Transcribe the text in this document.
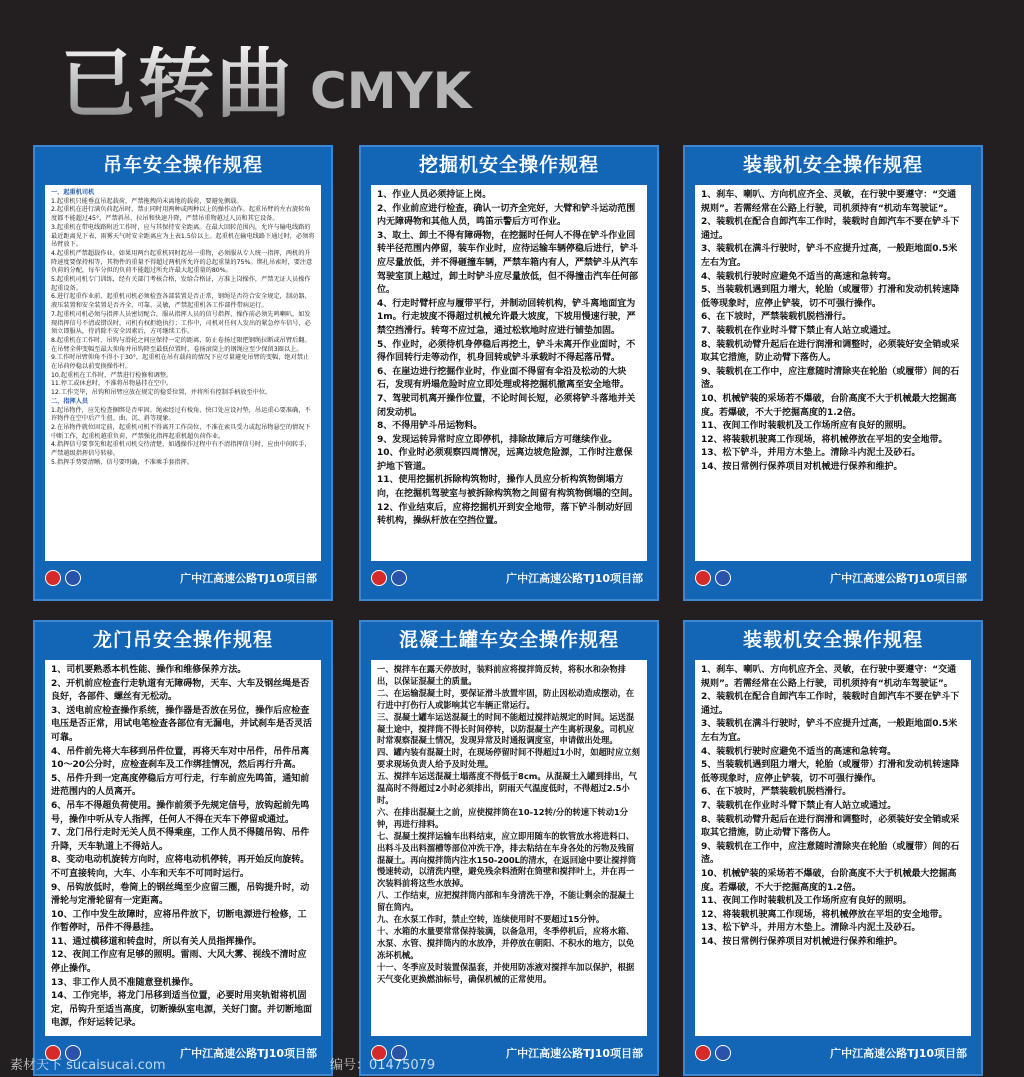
已转曲 CMYK
吊车安全操作规程

一、起重机司机

1.起重机只能垂直吊起载荷，严禁拖拽尚未离地的载荷，要避免侧载。

2.起重机在进行满负荷起吊时，禁止同时用两种或两种以上的操作动作。起重吊臂的左右旋转角度都不能超过45°，严禁斜吊、拉吊和快速升降，严禁吊重物越过人员和其它设备。

3.起重机在带电线路附近工作时，应与其保持安全距离。在最大回转范围内，允许与输电线路的最近距离见下表，雨雾天气时安全距离应为上表1.5倍以上。起重机在输电线路下通过时，必须将吊臂放下。

4.起重机严禁超载作业。如果用两台起重机同时起吊一重物，必须服从专人统一指挥，两机的升降速度要保持相等，其物件的重量不得超过两机所允许的总起重量的75%。绑扎吊索时，要注意负荷的分配，每车分担的负荷不能超过所允许最大起重量的80%。

5.起重机司机专门训练，经有关部门考核合格，发给合格证，方准上岗操作，严禁无证人员操作起重设备。

6.进行起重作业前，起重机司机必须检查各部装置是否正常，钢绳是否符合安全规定，制动器、液压装置和安全装置是否齐全、可靠、灵敏，严禁起重机各工作部件带病运行。

7.起重机司机必须与指挥人员密切配合，服从指挥人员的信号指挥，操作前必须先鸣喇叭，如发现指挥信号不清或错误时，司机有权拒绝执行；工作中，司机对任何人发出的紧急停车信号，必须立即服从，待消除不安全因素后，方可继续工作。

8.起重机在工作时，吊钩与滑轮之间应保持一定的距离，防止卷扬过限把钢绳拉断或吊臂后翻。在吊臂全伸变幅至最大仰角并吊钩降至最低位置时，卷扬滚筒上的钢绳应至少保留3圈以上。

9.工作时吊臂仰角不得小于30°，起重机在吊有载荷的情况下应尽量避免吊臂的变幅，绝对禁止在吊荷停稳以前变换操作杆。

10.起重机在工作时，严禁进行检修和调整。

11.停工或休息时，不准将吊物悬挂在空中。

12.工作完毕，吊钩和吊臂应放在规定的稳妥位置，并将所有控制手柄放至中位。

二、指挥人员

1.起吊物件，应先检查捆绑是否牢固。绳索经过有棱角、快口处应设衬垫，吊运重心要准确，不许物件在空中后产生扭、曲、沉、斜等现象。

2.在吊物件就位固定前，起重机司机不得离开工作岗位，不准在索具受力或起吊物悬空的情况下中断工作，起重机越重负荷，严禁强化指挥起重机超负荷作业。

4.指挥信号要事先和起重机司机交待清楚，如遇操作过程中有不清指挥信号时，应由中间转手，严禁越级指挥信号转移。

5.指挥手势要清晰，信号要明确，不准乘手套指挥。

广中江高速公路TJ10项目部
挖掘机安全操作规程

1、作业人员必须持证上岗。

2、作业前应进行检查，确认一切齐全完好，大臂和铲斗运动范围内无障碍物和其他人员，鸣笛示警后方可作业。

3、取土、卸土不得有障碍物，在挖掘时任何人不得在铲斗作业回转半径范围内停留，装车作业时，应待运输车辆停稳后进行，铲斗应尽量放低，并不得砸撞车辆，严禁车箱内有人，严禁铲斗从汽车驾驶室顶上越过，卸土时铲斗应尽量放低，但不得撞击汽车任何部位。

4、行走时臂杆应与履带平行，并制动回转机构，铲斗离地面宜为1m。行走坡度不得超过机械允许最大坡度，下坡用慢速行驶，严禁空挡滑行。转弯不应过急，通过松软地时应进行铺垫加固。

5、作业时，必须待机身停稳后再挖土，铲斗未离开作业面时，不得作回转行走等动作，机身回转或铲斗承载时不得起落吊臂。

6、在崖边进行挖掘作业时，作业面不得留有伞沿及松动的大块石，发现有坍塌危险时应立即处理或将挖掘机撤离至安全地带。

7、驾驶司机离开操作位置，不论时间长短，必须将铲斗落地并关闭发动机。

8、不得用铲斗吊运物料。

9、发现运转异常时应立即停机，排除故障后方可继续作业。

10、作业时必须观察四周情况，远离边坡危险源，工作时注意保护地下管道。

11、使用挖掘机拆除构筑物时，操作人员应分析构筑物倒塌方向，在挖掘机驾驶室与被拆除构筑物之间留有构筑物倒塌的空间。

12、作业结束后，应将挖掘机开到安全地带，落下铲斗制动好回转机构，操纵杆放在空挡位置。

广中江高速公路TJ10项目部
装载机安全操作规程

1、刹车、喇叭、方向机应齐全、灵敏，在行驶中要遵守：“交通规则”。若需经常在公路上行驶，司机须持有“机动车驾驶证”。

2、装载机在配合自卸汽车工作时，装载时自卸汽车不要在铲斗下通过。

3、装载机在满斗行驶时，铲斗不应提升过高，一般距地面0.5米左右为宜。

4、装载机行驶时应避免不适当的高速和急转弯。

5、当装载机遇到阻力增大，轮胎（或履带）打滑和发动机转速降低等现象时，应停止铲装，切不可强行操作。

6、在下坡时，严禁装载机脱档滑行。

7、装载机在作业时斗臂下禁止有人站立或通过。

8、装载机动臂升起后在进行润滑和调整时，必须装好安全销或采取其它措施，防止动臂下落伤人。

9、装载机在工作中，应注意随时清除夹在轮胎（或履带）间的石渣。

10、机械铲装的采场若不爆破，台阶高度不大于机械最大挖掘高度。若爆破，不大于挖掘高度的1.2倍。

11、夜间工作时装载机及工作场所应有良好的照明。

12、将装载机驶离工作现场，将机械停放在平坦的安全地带。

13、松下铲斗，并用方木垫上。清除斗内泥土及砂石。

14、按日常例行保养项目对机械进行保养和维护。

广中江高速公路TJ10项目部
龙门吊安全操作规程

1、司机要熟悉本机性能、操作和维修保养方法。

2、开机前应检查行走轨道有无障碍物，天车、大车及钢丝绳是否良好，各部件、螺丝有无松动。

3、送电前应检查操作系统，操作器是否放在另位，操作后应检查电压是否正常，用试电笔检查各部位有无漏电，并试刹车是否灵活可靠。

4、吊件前先将大车移到吊件位置，再将天车对中吊件，吊件吊离10～20公分时，应检查刹车及工作绑挂情况，然后再行升高。

5、吊件升到一定高度停稳后方可行走，行车前应先鸣笛，通知前进范围内的人员离开。

6、吊车不得超负荷使用。操作前须予先规定信号，放钩起前先鸣号，操作中听从专人指挥，任何人不得在天车下停留或通过。

7、龙门吊行走时无关人员不得乘座，工作人员不得随吊钩、吊件升降，天车轨道上不得站人。

8、变动电动机旋转方向时，应将电动机停转，再开始反向旋转。不可直接转向，大车、小车和天车不可同时运行。

9、吊钩放低时，卷筒上的钢丝绳至少应留三圈，吊钩提升时，动滑轮与定滑轮留有一定距离。

10、工作中发生故障时，应将吊件放下，切断电源进行检修，工作暂停时，吊件不得悬挂。

11、通过横移道和转盘时，所以有关人员指挥操作。

12、夜间工作应有足够的照明。雷雨、大风大雾、视线不清时应停止操作。

13、非工作人员不准随意登机操作。

14、工作完毕，将龙门吊移到适当位置，必要时用夹轨钳将机固定，吊钩升至适当高度，切断操纵室电源，关好门窗。并切断地面电源，作好运转记录。

广中江高速公路TJ10项目部
混凝土罐车安全操作规程

一、搅拌车在露天停放时，装料前应将搅拌筒反转，将积水和杂物排出，以保证混凝土的质量。

二、在运输混凝土时，要保证滑斗放置牢固，防止因松动造成摆动，在行进中打伤行人或影响其它车辆正常运行。

三、混凝土罐车运送混凝土的时间不能超过搅拌站规定的时间。运送混凝土途中，搅拌筒不得长时间停转，以防混凝土产生离析现象。司机应时常观察混凝土情况，发现异常及时通报调度室，申请做出处理。

四、罐内装有混凝土时，在现场停留时间不得超过1小时，如超时应立刻要求现场负责人给予及时处理。

五、搅拌车运送混凝土塌落度不得低于8cm。从混凝土入罐到排出，气温高时不得超过2小时必须排出，阴雨天气温度低时，不得超过2.5小时。

六、在排出混凝土之前，应使搅拌筒在10-12转/分的转速下转动1分钟，再进行排料。

七、混凝土搅拌运输车出料结束，应立即用随车的软管放水将进料口、出料斗及出料溜槽等部位冲洗干净，排去粘结在车身各处的污物及残留混凝土。再向搅拌筒内注水150-200L的清水，在返回途中要让搅拌筒慢速转动，以清洗内壁，避免残余料渣附在筒壁和搅拌叶上，并在再一次装料前将这些水放掉。

八、工作结束，应把搅拌筒内部和车身清洗干净，不能让剩余的混凝土留在筒内。

九、在水泵工作时，禁止空转，连续使用时不要超过15分钟。

十、水箱的水量要常常保持装满，以备急用，冬季停机后，应将水箱、水泵、水管、搅拌筒内的水放净，并停放在朝阳、不积水的地方，以免冻坏机械。

十一、冬季应及时装置保温套，并使用防冻液对搅拌车加以保护，根据天气变化更换燃油标号，确保机械的正常使用。

广中江高速公路TJ10项目部
装载机安全操作规程

1、刹车、喇叭、方向机应齐全、灵敏，在行驶中要遵守：“交通规则”。若需经常在公路上行驶，司机须持有“机动车驾驶证”。

2、装载机在配合自卸汽车工作时，装载时自卸汽车不要在铲斗下通过。

3、装载机在满斗行驶时，铲斗不应提升过高，一般距地面0.5米左右为宜。

4、装载机行驶时应避免不适当的高速和急转弯。

5、当装载机遇到阻力增大，轮胎（或履带）打滑和发动机转速降低等现象时，应停止铲装，切不可强行操作。

6、在下坡时，严禁装载机脱档滑行。

7、装载机在作业时斗臂下禁止有人站立或通过。

8、装载机动臂升起后在进行润滑和调整时，必须装好安全销或采取其它措施，防止动臂下落伤人。

9、装载机在工作中，应注意随时清除夹在轮胎（或履带）间的石渣。

10、机械铲装的采场若不爆破，台阶高度不大于机械最大挖掘高度。若爆破，不大于挖掘高度的1.2倍。

11、夜间工作时装载机及工作场所应有良好的照明。

12、将装载机驶离工作现场，将机械停放在平坦的安全地带。

13、松下铲斗，并用方木垫上。清除斗内泥土及砂石。

14、按日常例行保养项目对机械进行保养和维护。

广中江高速公路TJ10项目部
素材天下 sucaisucai.com	编号：01475079
